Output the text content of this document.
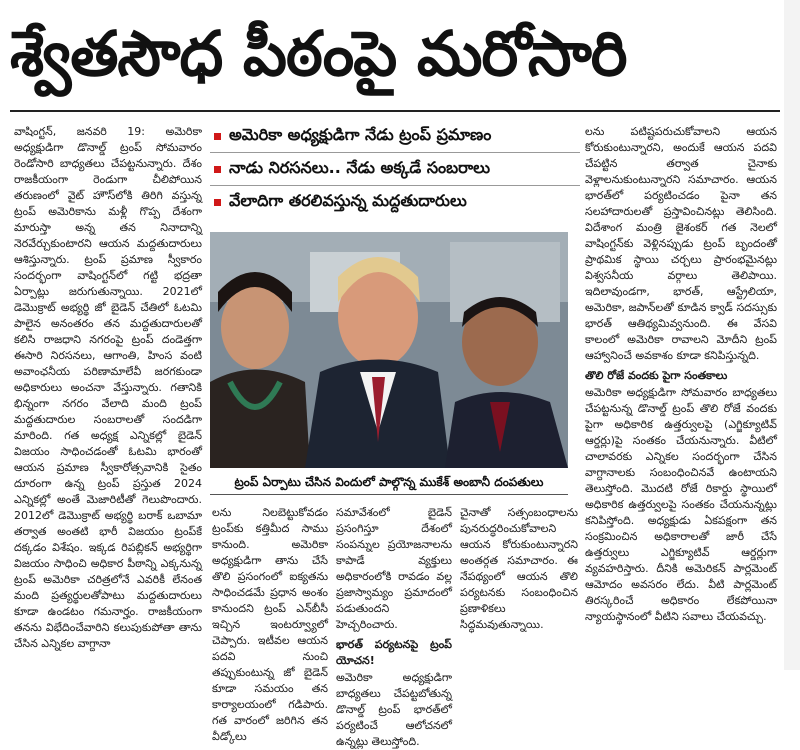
శ్వేతసౌధ పీఠంపై మరోసారి

వాషింగ్టన్, జనవరి 19: అమెరికా అధ్యక్షుడిగా డొనాల్డ్ ట్రంప్ సోమవారం రెండోసారి బాధ్యతలు చేపట్టనున్నారు. దేశం రాజకీయంగా రెండుగా చీలిపోయిన తరుణంలో వైట్ హౌస్‌లోకి తిరిగి వస్తున్న ట్రంప్ అమెరికాను మళ్లీ గొప్ప దేశంగా మారుస్తా అన్న తన నినాదాన్ని నెరవేర్చుకుంటారని ఆయన మద్దతుదారులు ఆశిస్తున్నారు. ట్రంప్ ప్రమాణ స్వీకారం సందర్భంగా వాషింగ్టన్‌లో గట్టి భద్రతా ఏర్పాట్లు జరుగుతున్నాయి. 2021లో డెమొక్రాట్ అభ్యర్థి జో బైడెన్ చేతిలో ఓటమి పాలైన అనంతరం తన మద్దతుదారులతో కలిసి రాజధాని నగరంపై ట్రంప్ దండెత్తగా ఈసారి నిరసనలు, ఆగాంతి, హింస వంటి అవాంఛనీయ పరిణామాలేవీ జరగకుండా అధికారులు అంచనా వేస్తున్నారు. గతానికి భిన్నంగా నగరం వేలాది మంది ట్రంప్ మద్దతుదారుల సంబరాలతో సందడిగా మారింది. గత అధ్యక్ష ఎన్నికల్లో బైడెన్ విజయం సాధించడంతో ఓటమి భారంతో ఆయన ప్రమాణ స్వీకారోత్సవానికి సైతం దూరంగా ఉన్న ట్రంప్ ప్రస్తుత 2024 ఎన్నికల్లో అంతే మెజారిటీతో గెలుపొందారు. 2012లో డెమొక్రాట్ అభ్యర్థి బరాక్ ఒబామా తర్వాత అంతటి భారీ విజయం ట్రంప్‌కే దక్కడం విశేషం. ఇక్కడ రిపబ్లికన్ అభ్యర్థిగా విజయం సాధించి అధికార పీఠాన్ని ఎక్కనున్న ట్రంప్ అమెరికా చరిత్రలోనే ఎవరికీ లేనంత మంది ప్రత్యర్థులతోపాటు మద్దతుదారులు కూడా ఉండటం గమనార్హం. రాజకీయంగా తనను విభేదించేవారిని కలుపుకుపోతా తాను చేసిన ఎన్నికల వాగ్దానా

అమెరికా అధ్యక్షుడిగా నేడు ట్రంప్ ప్రమాణం
నాడు నిరసనలు.. నేడు అక్కడే సంబరాలు
వేలాదిగా తరలివస్తున్న మద్దతుదారులు
ట్రంప్ ఏర్పాటు చేసిన విందులో పాల్గొన్న ముకేశ్ అంబానీ దంపతులు

లను నిలబెట్టుకోవడం ట్రంప్‌కు కత్తిమీద సాము కానుంది. అమెరికా అధ్యక్షుడిగా తాను చేసే తొలి ప్రసంగంలో ఐక్యతను సాధించడమే ప్రధాన అంశం కానుందని ట్రంప్ ఎన్‌బీసీ ఇచ్చిన ఇంటర్వ్యూలో చెప్పారు. ఇటీవల ఆయన పదవి నుంచి తప్పుకుంటున్న జో బైడెన్ కూడా సమయం తన కార్యాలయంలో గడిపారు. గత వారంలో జరిగిన తన వీడ్కోలు

సమావేశంలో బైడెన్ ప్రసంగిస్తూ దేశంలో సంపన్నుల ప్రయోజనాలను కాపాడే వ్యక్తులు అధికారంలోకి రావడం వల్ల ప్రజాస్వామ్యం ప్రమాదంలో పడుతుందని హెచ్చరించారు.

భారత్ పర్యటనపై ట్రంప్ యోచన!

అమెరికా అధ్యక్షుడిగా బాధ్యతలు చేపట్టబోతున్న డొనాల్డ్ ట్రంప్ భారత్‌లో పర్యటించే ఆలోచనలో ఉన్నట్లు తెలుస్తోంది.

చైనాతో సత్సంబంధాలను పునరుద్ధరించుకోవాలని ఆయన కోరుకుంటున్నారని అంతర్గత సమాచారం. ఈ నేపథ్యంలో ఆయన తొలి పర్యటనకు సంబంధించిన ప్రణాళికలు సిద్ధమవుతున్నాయి.

లను పటిష్టపరుచుకోవాలని ఆయన కోరుకుంటున్నారని, అందుకే ఆయన పదవి చేపట్టిన తర్వాత చైనాకు వెళ్లాలనుకుంటున్నారని సమాచారం. ఆయన భారత్‌లో పర్యటించడం పైనా తన సలహాదారులతో ప్రస్తావించినట్లు తెలిసింది. విదేశాంగ మంత్రి జైశంకర్ గత నెలలో వాషింగ్టన్‌కు వెళ్లినప్పుడు ట్రంప్ బృందంతో ప్రాథమిక స్థాయి చర్చలు ప్రారంభమైనట్లు విశ్వసనీయ వర్గాలు తెలిపాయి. ఇదిలావుండగా, భారత్, ఆస్ట్రేలియా, అమెరికా, జపాన్‌లతో కూడిన క్వాడ్ సదస్సుకు భారత్ ఆతిథ్యమివ్వనుంది. ఈ వేసవి కాలంలో అమెరికా రావాలని మోదీని ట్రంప్ ఆహ్వానించే అవకాశం కూడా కనిపిస్తున్నది.

తొలి రోజే వందకు పైగా సంతకాలు

అమెరికా అధ్యక్షుడిగా సోమవారం బాధ్యతలు చేపట్టనున్న డొనాల్డ్ ట్రంప్ తొలి రోజే వందకు పైగా అధికారిక ఉత్తర్వులపై (ఎగ్జిక్యూటివ్ ఆర్డర్లు)పై సంతకం చేయనున్నారు. వీటిలో చాలావరకు ఎన్నికల సందర్భంగా చేసిన వాగ్దానాలకు సంబంధించినవే ఉంటాయని తెలుస్తోంది. మొదటి రోజే రికార్డు స్థాయిలో అధికారిక ఉత్తర్వులపై సంతకం చేయనున్నట్లు కనిపిస్తోంది. అధ్యక్షుడు ఏకపక్షంగా తన సంక్రమించిన అధికారాలతో జారీ చేసే ఉత్తర్వులు ఎగ్జిక్యూటివ్ ఆర్డర్లుగా వ్యవహరిస్తారు. దీనికి అమెరికన్ పార్లమెంట్ ఆమోదం అవసరం లేదు. వీటి పార్లమెంట్ తిరస్కరించే అధికారం లేకపోయినా న్యాయస్థానంలో వీటిని సవాలు చేయవచ్చు.
